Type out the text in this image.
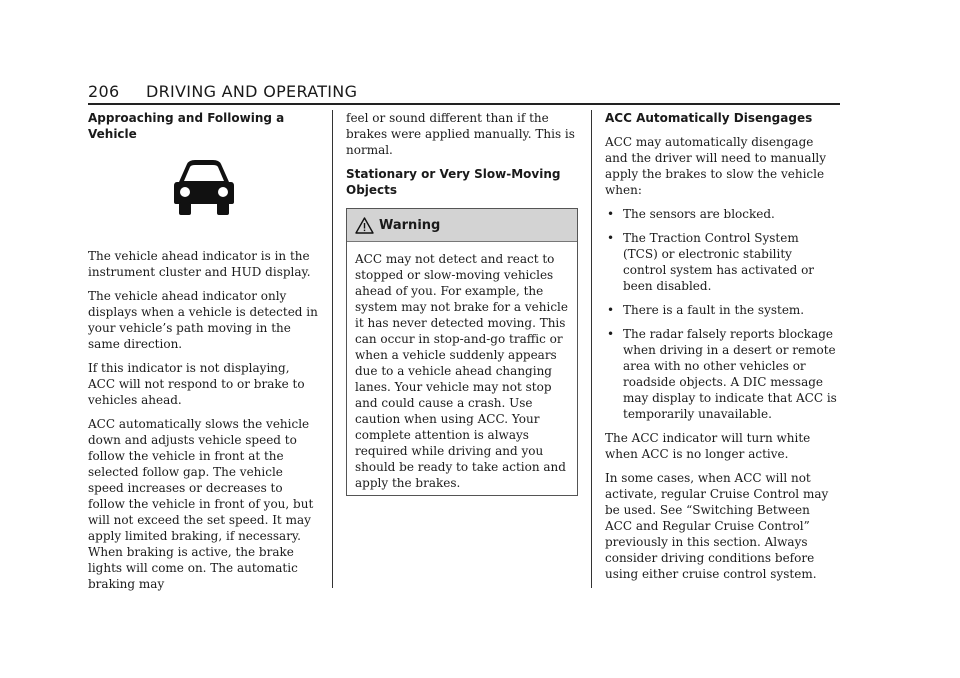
206 DRIVING AND OPERATING
Approaching and Following a Vehicle

The vehicle ahead indicator is in the instrument cluster and HUD display.

The vehicle ahead indicator only displays when a vehicle is detected in your vehicle’s path moving in the same direction.

If this indicator is not displaying, ACC will not respond to or brake to vehicles ahead.

ACC automatically slows the vehicle down and adjusts vehicle speed to follow the vehicle in front at the selected follow gap. The vehicle speed increases or decreases to follow the vehicle in front of you, but will not exceed the set speed. It may apply limited braking, if necessary. When braking is active, the brake lights will come on. The automatic braking may

feel or sound different than if the brakes were applied manually. This is normal.

Stationary or Very Slow-Moving Objects
Warning

ACC may not detect and react to stopped or slow-moving vehicles ahead of you. For example, the system may not brake for a vehicle it has never detected moving. This can occur in stop-and-go traffic or when a vehicle suddenly appears due to a vehicle ahead changing lanes. Your vehicle may not stop and could cause a crash. Use caution when using ACC. Your complete attention is always required while driving and you should be ready to take action and apply the brakes.

ACC Automatically Disengages

ACC may automatically disengage and the driver will need to manually apply the brakes to slow the vehicle when:

• The sensors are blocked.
• The Traction Control System (TCS) or electronic stability control system has activated or been disabled.
• There is a fault in the system.
• The radar falsely reports blockage when driving in a desert or remote area with no other vehicles or roadside objects. A DIC message may display to indicate that ACC is temporarily unavailable.

The ACC indicator will turn white when ACC is no longer active.

In some cases, when ACC will not activate, regular Cruise Control may be used. See “Switching Between ACC and Regular Cruise Control” previously in this section. Always consider driving conditions before using either cruise control system.
